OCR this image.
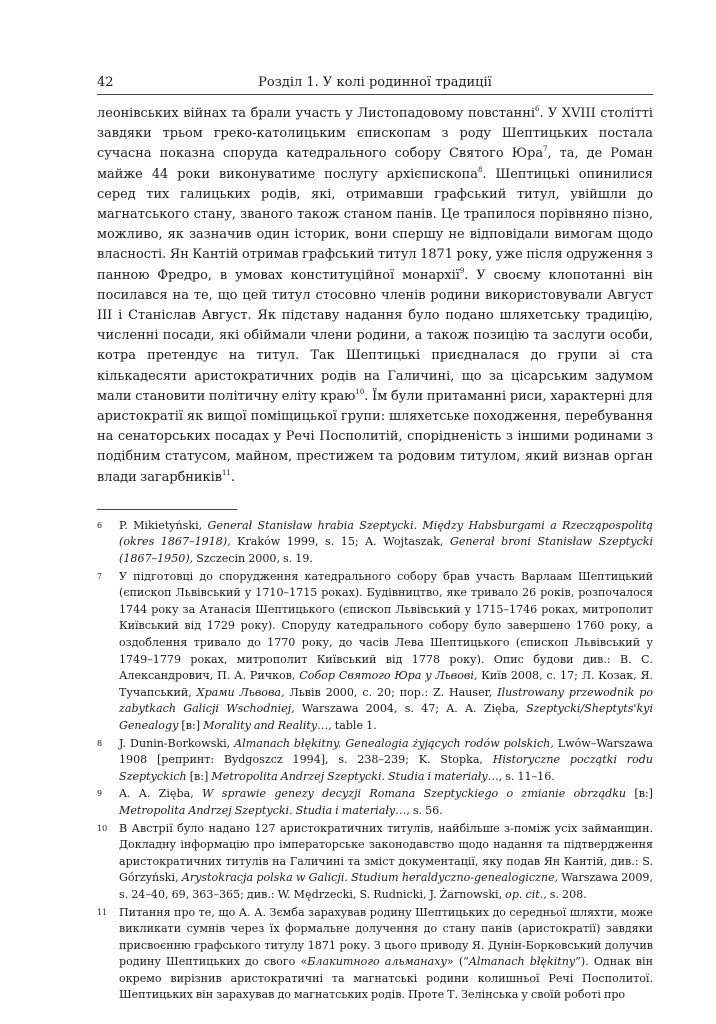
42	Розділ 1. У колі родинної традиції
леонівських війнах та брали участь у Листопадовому повстанні$^6$. У XVIII столітті завдяки трьом греко-католицьким єпископам з роду Шептицьких постала сучасна показна споруда катедрального собору Святого Юра$^7$, та, де Роман майже 44 роки виконуватиме послугу архієпископа$^8$. Шептицькі опинилися серед тих галицьких родів, які, отримавши графський титул, увійшли до магнатського стану, званого також станом панів. Це трапилося порівняно пізно, можливо, як зазначив один історик, вони спершу не відповідали вимогам щодо власності. Ян Кантій отримав графський титул 1871 року, уже після одруження з панною Фредро, в умовах конституційної монархії$^9$. У своєму клопотанні він посилався на те, що цей титул стосовно членів родини використовували Август III і Станіслав Август. Як підставу надання було подано шляхетську традицію, численні посади, які обіймали члени родини, а також позицію та заслуги особи, котра претендує на титул. Так Шептицькі приєдналася до групи зі ста кількадесяти аристократичних родів на Галичині, що за цісарським задумом мали становити політичну еліту краю$^{10}$. Їм були притаманні риси, характерні для аристократії як вищої поміщицької групи: шляхетське походження, перебування на сенаторських посадах у Речі Посполитій, спорідненість з іншими родинами з подібним статусом, майном, престижем та родовим титулом, який визнав орган влади загарбників$^{11}$.
6 P. Mikietyński, Generał Stanisław hrabia Szeptycki. Między Habsburgami a Rzecząpospolitą (okres 1867–1918), Kraków 1999, s. 15; A. Wojtaszak, Generał broni Stanisław Szeptycki (1867–1950), Szczecin 2000, s. 19.
7 У підготовці до спорудження катедрального собору брав участь Варлаам Шептицький (єпископ Львівський у 1710–1715 роках). Будівництво, яке тривало 26 років, розпочалося 1744 року за Атанасія Шептицького (єпископ Львівський у 1715–1746 роках, митрополит Київський від 1729 року). Споруду катедрального собору було завершено 1760 року, а оздоблення тривало до 1770 року, до часів Лева Шептицького (єпископ Львівський у 1749–1779 роках, митрополит Київський від 1778 року). Опис будови див.: В. С. Александрович, П. А. Ричков, Собор Святого Юра у Львові, Київ 2008, с. 17; Л. Козак, Я. Тучапський, Храми Львова, Львів 2000, с. 20; пор.: Z. Hauser, Ilustrowany przewodnik po zabytkach Galicji Wschodniej, Warszawa 2004, s. 47; A. A. Zięba, Szeptycki/Sheptyts'kyi Genealogy [в:] Morality and Reality…, table 1.
8 J. Dunin-Borkowski, Almanach błękitny. Genealogia żyjących rodów polskich, Lwów–Warszawa 1908 [репринт: Bydgoszcz 1994], s. 238–239; K. Stopka, Historyczne początki rodu Szeptyckich [в:] Metropolita Andrzej Szeptycki. Studia i materiały…, s. 11–16.
9 A. A. Zięba, W sprawie genezy decyzji Romana Szeptyckiego o zmianie obrządku [в:] Metropolita Andrzej Szeptycki. Studia i materiały…, s. 56.
10 В Австрії було надано 127 аристократичних титулів, найбільше з-поміж усіх займанщин. Докладну інформацію про імператорське законодавство щодо надання та підтвердження аристократичних титулів на Галичині та зміст документації, яку подав Ян Кантій, див.: S. Górzyński, Arystokracja polska w Galicji. Studium heraldyczno-genealogiczne, Warszawa 2009, s. 24–40, 69, 363–365; див.: W. Mędrzecki, S. Rudnicki, J. Żarnowski, op. cit., s. 208.
11 Питання про те, що А. А. Зємба зарахував родину Шептицьких до середньої шляхти, може викликати сумнів через їх формальне долучення до стану панів (аристократії) завдяки присвоєнню графського титулу 1871 року. З цього приводу Я. Дунін-Борковський долучив родину Шептицьких до свого «Блакитного альманаху» (“Almanach błękitny”). Однак він окремо вирізнив аристократичні та магнатські родини колишньої Речі Посполитої. Шептицьких він зарахував до магнатських родів. Проте Т. Зелінська у своїй роботі про
